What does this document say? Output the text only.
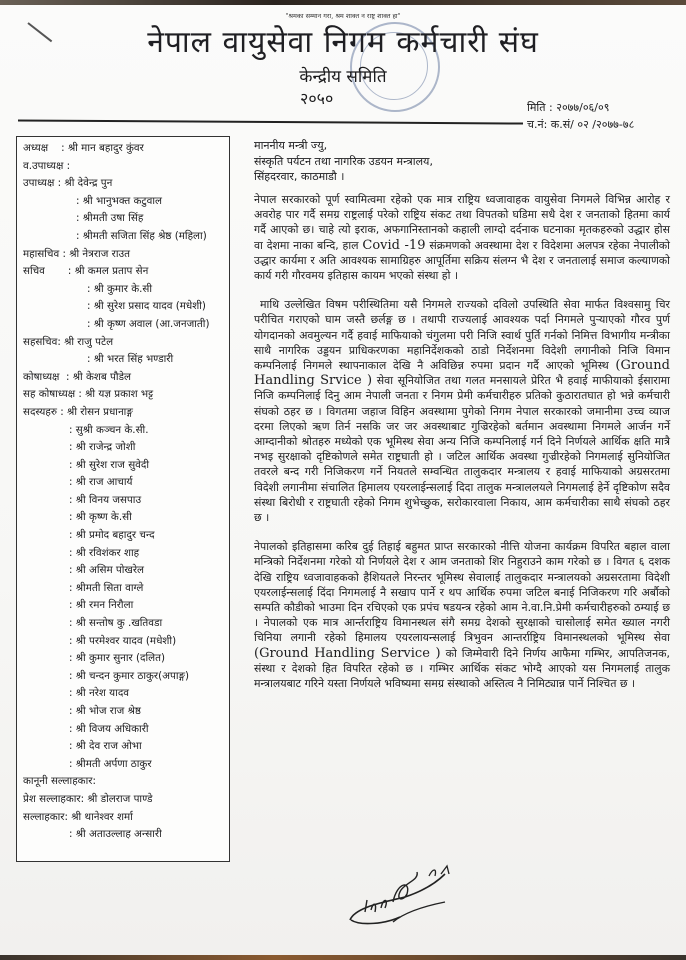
"श्रमका सम्मान गरा, श्रम शाक्त न राष्ट्र शाक्त हा"
नेपाल वायुसेवा निगम कर्मचारी संघ
केन्द्रीय समिति
२०५०	मिति : २०७७/०६/०९
च.नं: क.सं/ ०२ /२०७७-७८
अध्यक्ष : श्री मान बहादुर कुंवर
व.उपाध्यक्ष :
उपाध्यक्ष : श्री देवेन्द्र पुन
: श्री भानुभक्त कटुवाल
: श्रीमती उषा सिंह
: श्रीमती सजिता सिंह श्रेष्ठ (महिला)
महासचिव : श्री नेत्रराज राउत
सचिव : श्री कमल प्रताप सेन
: श्री कुमार के.सी
: श्री सुरेश प्रसाद यादव (मधेशी)
: श्री कृष्ण अवाल (आ.जनजाती)
सहसचिव : श्री राजु पटेल
: श्री भरत सिंह भण्डारी
कोषाध्यक्ष : श्री केशब पौडेल
सह कोषाध्यक्ष : श्री यज्ञ प्रकाश भट्ट
सदस्यहरु : श्री रोसन प्रधानाङ्ग
: सुश्री कञ्चन के.सी.
: श्री राजेन्द्र जोशी
: श्री सुरेश राज सुवेदी
: श्री राज आचार्य
: श्री विनय जसपाउ
: श्री कृष्ण के.सी
: श्री प्रमोद बहादुर चन्द
: श्री रविशंकर शाह
: श्री असिम पोखरेल
: श्रीमती सिता वाग्ले
: श्री रमन निरौला
: श्री सन्तोष कु .खतिवडा
: श्री परमेश्वर यादव (मधेशी)
: श्री कुमार सुनार (दलित)
: श्री चन्दन कुमार ठाकुर(अपाङ्ग)
: श्री नरेश यादव
: श्री भोज राज श्रेष्ठ
: श्री विजय अधिकारी
: श्री देव राज ओभा
: श्रीमती अर्पणा ठाकुर
कानूनी सल्लाहकार:
प्रेश सल्लाहकार:
श्री डोलराज पाण्डे
सल्लाहकार:
श्री थानेश्वर शर्मा
: श्री अताउल्लाह अन्सारी
माननीय मन्त्री ज्यु,
संस्कृति पर्यटन तथा नागरिक उडयन मन्त्रालय,
सिंहदरवार, काठमाडौ ।

नेपाल सरकारको पूर्ण स्वामित्वमा रहेको एक मात्र राष्ट्रिय ध्वजावाहक वायुसेवा निगमले विभिन्न आरोह र अवरोह पार गर्दै समग्र राष्ट्रलाई परेको राष्ट्रिय संकट तथा विपतको घडिमा सधै देश र जनताको हितमा कार्य गर्दै आएको छ। चाहे त्यो इराक, अफगानिस्तानको कहाली लाग्दो दर्दनाक घटनाका मृतकहरुको उद्धार होस वा देशमा नाका बन्दि, हाल Covid -19 संक्रमणको अवस्थामा देश र विदेशमा अलपत्र रहेका नेपालीको उद्धार कार्यमा र अति आवश्यक सामाग्रिहरु आपूर्तिमा सक्रिय संलग्न भै देश र जनतालाई समाज कल्याणको कार्य गरी गौरवमय इतिहास कायम भएको संस्था हो ।

माथि उल्लेखित विषम परीस्थितिमा यसै निगमले राज्यको दविलो उपस्थिति सेवा मार्फत विश्वसामु चिर परीचित गराएको घाम जस्तै छर्लङ्ग छ । तथापी राज्यलाई आवश्यक पर्दा निगमले पुऱ्याएको गौरव पुर्ण योगदानको अवमुल्यन गर्दै हवाई माफियाको चंगुलमा परी निजि स्वार्थ पुर्ति गर्नको निमित्त विभागीय मन्त्रीका साथै नागरिक उड्डयन प्राधिकरणका महानिर्देशकको ठाडो निर्देशनमा विदेशी लगानीको निजि विमान कम्पनिलाई निगमले स्थापनाकाल देखि नै अविछिन्न रुपमा प्रदान गर्दै आएको भूमिस्थ (Ground Handling Srvice ) सेवा सूनियोजित तथा गलत मनसायले प्रेरित भै हवाई माफीयाको ईसारामा निजि कम्पनिलाई दिनु आम नेपाली जनता र निगम प्रेमी कर्मचारीहरु प्रतिको कुठारातघात हो भन्ने कर्मचारी संघको ठहर छ । विगतमा जहाज विहिन अवस्थामा पुगेको निगम नेपाल सरकारको जमानीमा उच्च व्याज दरमा लिएको ऋण तिर्न नसकि जर जर अवस्थाबाट गुज्रिरहेको बर्तमान अवस्थामा निगमले आर्जन गर्ने आम्दानीको श्रोतहरु मध्येको एक भूमिस्थ सेवा अन्य निजि कम्पनिलाई गर्न दिने निर्णयले आर्थिक क्षति मात्रै नभइ सुरक्षाको दृष्टिकोणले समेत राष्ट्रघाती हो । जटिल आर्थिक अवस्था गुज्रीरहेको निगमलाई सुनियोजित तवरले बन्द गरी निजिकरण गर्ने नियतले सम्वन्धित तालुकदार मन्त्रालय र हवाई माफियाको अग्रसरतमा विदेशी लगानीमा संचालित हिमालय एयरलाईन्सलाई दिदा तालुक मन्त्राललयले निगमलाई हेर्ने दृष्टिकोण सदैव संस्था बिरोधी र राष्ट्रघाती रहेको निगम शुभेच्छुक, सरोकारवाला निकाय, आम कर्मचारीका साथै संघको ठहर छ ।

नेपालको इतिहासमा करिब दुई तिहाई बहुमत प्राप्त सरकारको नीत्ति योजना कार्यक्रम विपरित बहाल वाला मन्त्रिको निर्देशनमा गरेको यो निर्णयले देश र आम जनताको शिर निहुराउने काम गरेको छ । विगत ६ दशक देखि राष्ट्रिय ध्वजावाहकको हैशियतले निरन्तर भूमिस्थ सेवालाई तालुकदार मन्त्रालयको अग्रसरतामा विदेशी एयरलाईन्सलाई दिंदा निगमलाई नै सखाप पार्ने र थप आर्थिक रुपमा जटिल बनाई निजिकरण गरि अर्बौको सम्पति कौडीको भाउमा दिन रचिएको एक प्रपंच षडयन्त्र रहेको आम ने.वा.नि.प्रेमी कर्मचारीहरुको ठम्याई छ । नेपालको एक मात्र आर्न्तराष्ट्रिय विमानस्थल संगै समग्र देशको सुरक्षाको चासोलाई समेत ख्याल नगरी चिनिया लगानी रहेको हिमालय एयरलायन्सलाई त्रिभुवन आन्तर्राष्ट्रिय विमानस्थलको भूमिस्थ सेवा (Ground Handling Service ) को जिम्मेवारी दिने निर्णय आफैमा गम्भिर, आपतिजनक, संस्था र देशको हित विपरित रहेको छ । गम्भिर आर्थिक संकट भोग्दै आएको यस निगमलाई तालुक मन्त्रालयबाट गरिने यस्ता निर्णयले भविष्यमा समग्र संस्थाको अस्तित्व नै निमिट्यान्न पार्ने निश्चित छ ।
